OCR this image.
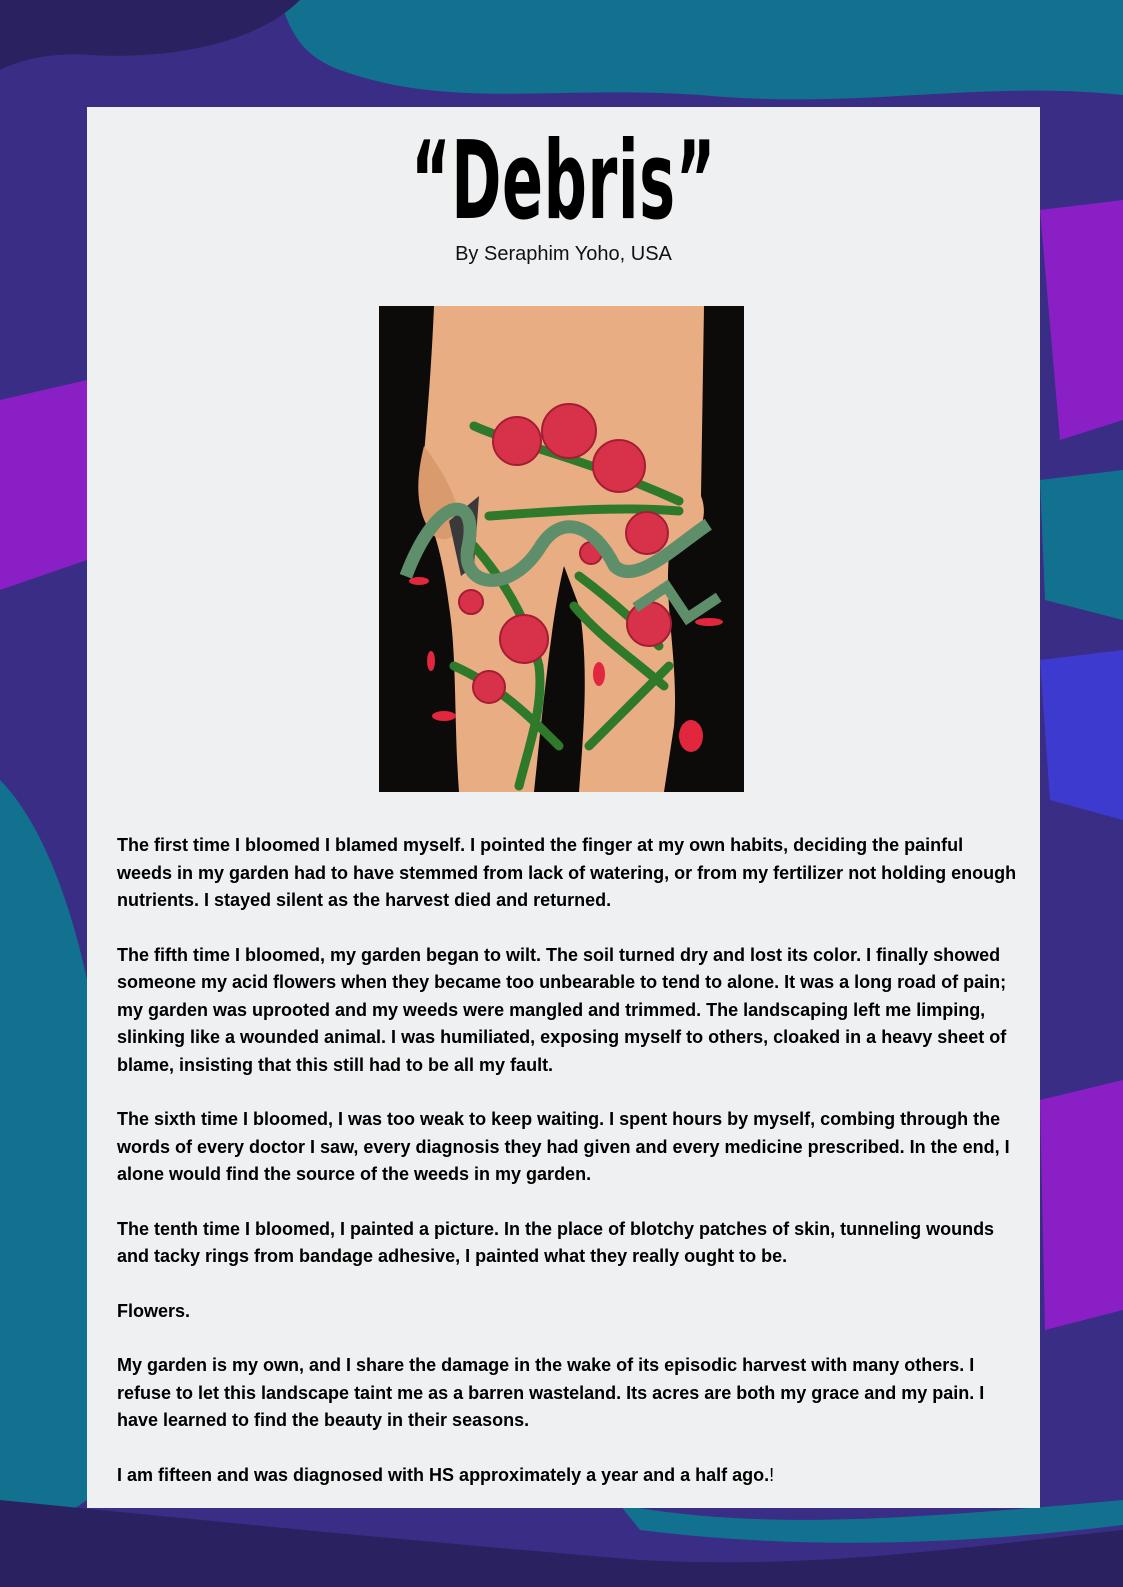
“Debris”
By Seraphim Yoho, USA

The first time I bloomed I blamed myself. I pointed the finger at my own habits, deciding the painful weeds in my garden had to have stemmed from lack of watering, or from my fertilizer not holding enough nutrients. I stayed silent as the harvest died and returned.

The fifth time I bloomed, my garden began to wilt. The soil turned dry and lost its color. I finally showed someone my acid flowers when they became too unbearable to tend to alone. It was a long road of pain; my garden was uprooted and my weeds were mangled and trimmed. The landscaping left me limping, slinking like a wounded animal. I was humiliated, exposing myself to others, cloaked in a heavy sheet of blame, insisting that this still had to be all my fault.

The sixth time I bloomed, I was too weak to keep waiting. I spent hours by myself, combing through the words of every doctor I saw, every diagnosis they had given and every medicine prescribed. In the end, I alone would find the source of the weeds in my garden.

The tenth time I bloomed, I painted a picture. In the place of blotchy patches of skin, tunneling wounds and tacky rings from bandage adhesive, I painted what they really ought to be.

Flowers.

My garden is my own, and I share the damage in the wake of its episodic harvest with many others. I refuse to let this landscape taint me as a barren wasteland. Its acres are both my grace and my pain. I have learned to find the beauty in their seasons.

I am fifteen and was diagnosed with HS approximately a year and a half ago.!
